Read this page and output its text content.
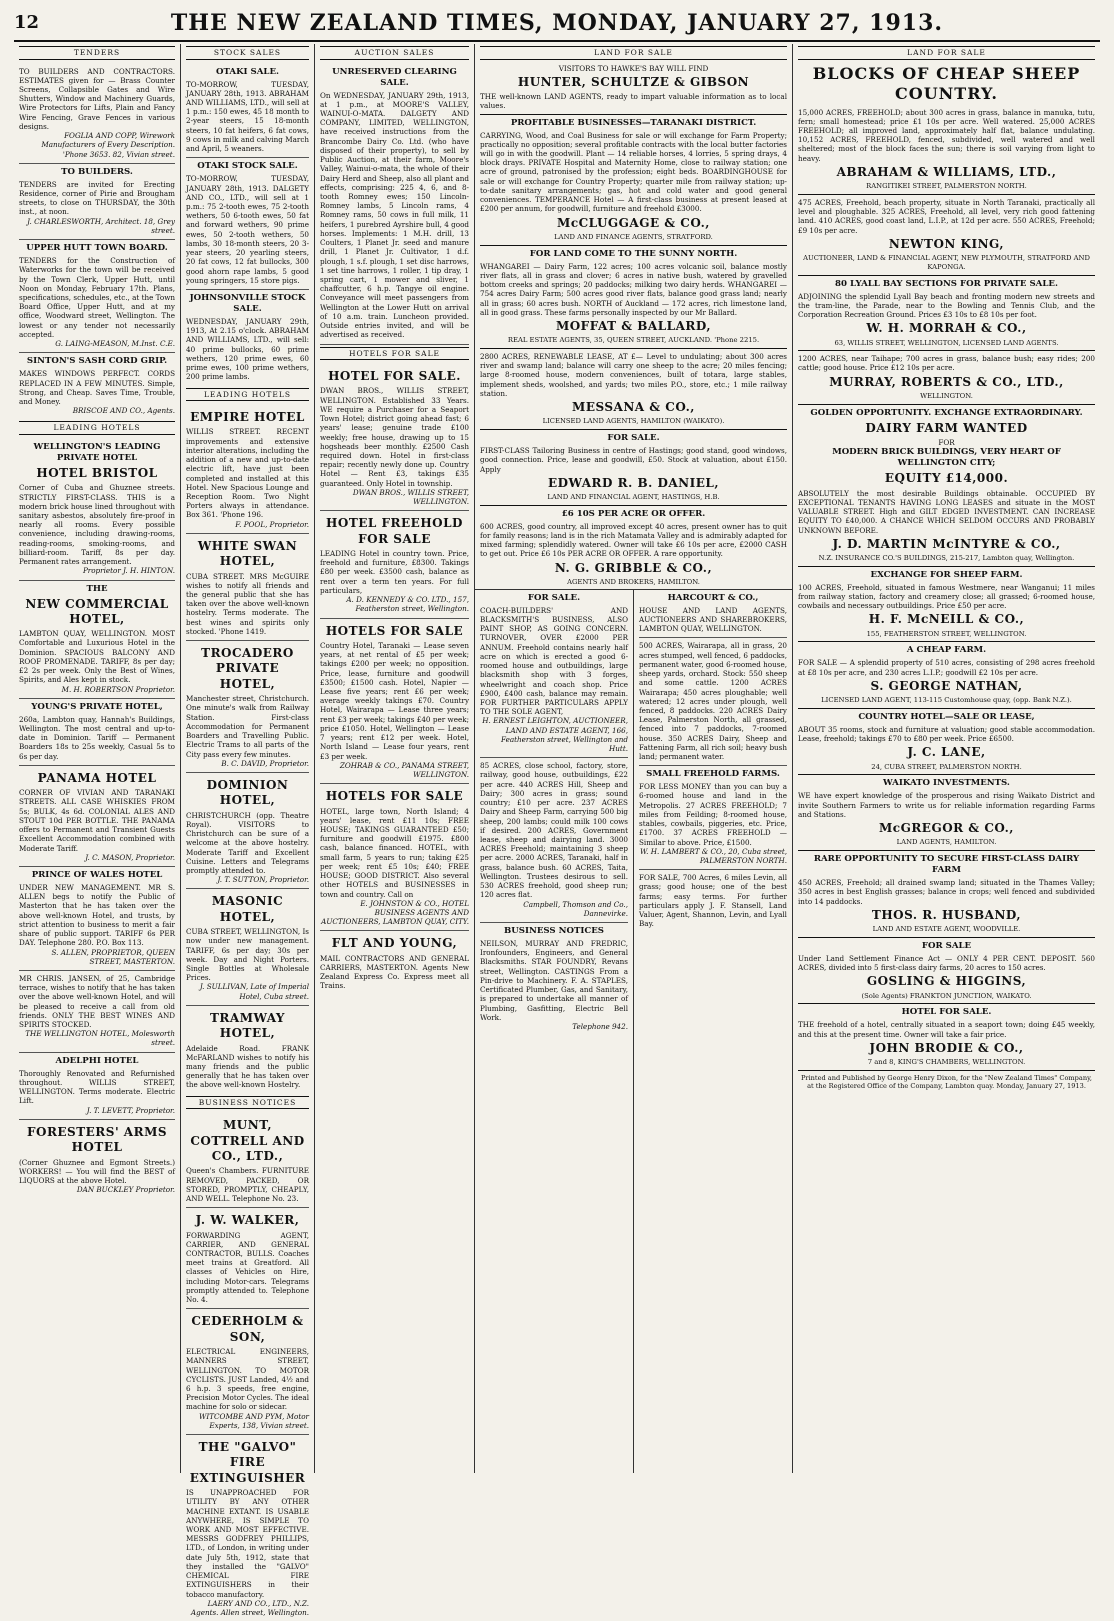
12	THE NEW ZEALAND TIMES, MONDAY, JANUARY 27, 1913.
TENDERS
TO BUILDERS AND CONTRACTORS. ESTIMATES given for — Brass Counter Screens, Collapsible Gates and Wire Shutters, Window and Machinery Guards, Wire Protectors for Lifts, Plain and Fancy Wire Fencing, Grave Fences in various designs.
FOGLIA AND COPP, Wirework Manufacturers of Every Description. 'Phone 3653. 82, Vivian street.
TO BUILDERS.
TENDERS are invited for Erecting Residence, corner of Pirie and Brougham streets, to close on THURSDAY, the 30th inst., at noon.
J. CHARLESWORTH, Architect. 18, Grey street.
UPPER HUTT TOWN BOARD.
TENDERS for the Construction of Waterworks for the town will be received by the Town Clerk, Upper Hutt, until Noon on Monday, February 17th. Plans, specifications, schedules, etc., at the Town Board Office, Upper Hutt, and at my office, Woodward street, Wellington. The lowest or any tender not necessarily accepted.
G. LAING-MEASON, M.Inst. C.E.
SINTON'S SASH CORD GRIP.
MAKES WINDOWS PERFECT. CORDS REPLACED IN A FEW MINUTES. Simple, Strong, and Cheap. Saves Time, Trouble, and Money.
BRISCOE AND CO., Agents.
LEADING HOTELS
WELLINGTON'S LEADING PRIVATE HOTEL
HOTEL BRISTOL
Corner of Cuba and Ghuznee streets. STRICTLY FIRST-CLASS. THIS is a modern brick house lined throughout with sanitary asbestos, absolutely fire-proof in nearly all rooms. Every possible convenience, including drawing-rooms, reading-rooms, smoking-rooms, and billiard-room. Tariff, 8s per day. Permanent rates arrangement.
Proprietor J. H. HINTON.
THE
NEW COMMERCIAL HOTEL,
LAMBTON QUAY, WELLINGTON. MOST Comfortable and Luxurious Hotel in the Dominion. SPACIOUS BALCONY AND ROOF PROMENADE. TARIFF, 8s per day; £2 2s per week. Only the Best of Wines, Spirits, and Ales kept in stock.
M. H. ROBERTSON Proprietor.
YOUNG'S PRIVATE HOTEL,
260a, Lambton quay, Hannah's Buildings, Wellington. The most central and up-to-date in Dominion. Tariff — Permanent Boarders 18s to 25s weekly, Casual 5s to 6s per day.
PANAMA HOTEL
CORNER OF VIVIAN AND TARANAKI STREETS. ALL CASE WHISKIES FROM 5s; BULK, 4s 6d. COLONIAL ALES AND STOUT 10d PER BOTTLE. THE PANAMA offers to Permanent and Transient Guests Excellent Accommodation combined with Moderate Tariff.
J. C. MASON, Proprietor.
PRINCE OF WALES HOTEL
UNDER NEW MANAGEMENT. MR S. ALLEN begs to notify the Public of Masterton that he has taken over the above well-known Hotel, and trusts, by strict attention to business to merit a fair share of public support. TARIFF 6s PER DAY. Telephone 280. P.O. Box 113.
S. ALLEN, PROPRIETOR, QUEEN STREET, MASTERTON.
MR CHRIS. JANSEN, of 25, Cambridge terrace, wishes to notify that he has taken over the above well-known Hotel, and will be pleased to receive a call from old friends. ONLY THE BEST WINES AND SPIRITS STOCKED.
THE WELLINGTON HOTEL, Molesworth street.
ADELPHI HOTEL
Thoroughly Renovated and Refurnished throughout. WILLIS STREET, WELLINGTON. Terms moderate. Electric Lift.
J. T. LEVETT, Proprietor.
FORESTERS' ARMS HOTEL
(Corner Ghuznee and Egmont Streets.) WORKERS! — You will find the BEST of LIQUORS at the above Hotel.
DAN BUCKLEY Proprietor.
STOCK SALES
OTAKI SALE.
TO-MORROW, TUESDAY, JANUARY 28th, 1913. ABRAHAM AND WILLIAMS, LTD., will sell at 1 p.m.: 150 ewes, 45 18 month to 2-year steers, 15 18-month steers, 10 fat heifers, 6 fat cows, 9 cows in milk and calving March and April, 5 weaners.
OTAKI STOCK SALE.
TO-MORROW, TUESDAY, JANUARY 28th, 1913. DALGETY AND CO., LTD., will sell at 1 p.m.: 75 2-tooth ewes, 75 2-tooth wethers, 50 6-tooth ewes, 50 fat and forward wethers, 90 prime ewes, 50 2-tooth wethers, 50 lambs, 30 18-month steers, 20 3-year steers, 20 yearling steers, 20 fat cows, 12 fat bullocks, 300 good ahorn rape lambs, 5 good young springers, 15 store pigs.
JOHNSONVILLE STOCK SALE.
WEDNESDAY, JANUARY 29th, 1913, At 2.15 o'clock. ABRAHAM AND WILLIAMS, LTD., will sell: 40 prime bullocks, 60 prime wethers, 120 prime ewes, 60 prime ewes, 100 prime wethers, 200 prime lambs.
LEADING HOTELS
EMPIRE HOTEL
WILLIS STREET. RECENT improvements and extensive interior alterations, including the addition of a new and up-to-date electric lift, have just been completed and installed at this Hotel. New Spacious Lounge and Reception Room. Two Night Porters always in attendance. Box 361. 'Phone 196.
F. POOL, Proprietor.
WHITE SWAN HOTEL,
CUBA STREET. MRS McGUIRE wishes to notify all friends and the general public that she has taken over the above well-known hostelry. Terms moderate. The best wines and spirits only stocked. 'Phone 1419.
TROCADERO PRIVATE HOTEL,
Manchester street, Christchurch. One minute's walk from Railway Station. First-class Accommodation for Permanent Boarders and Travelling Public. Electric Trams to all parts of the City pass every few minutes.
B. C. DAVID, Proprietor.
DOMINION HOTEL,
CHRISTCHURCH (opp. Theatre Royal). VISITORS to Christchurch can be sure of a welcome at the above hostelry. Moderate Tariff and Excellent Cuisine. Letters and Telegrams promptly attended to.
J. T. SUTTON, Proprietor.
MASONIC HOTEL,
CUBA STREET, WELLINGTON, Is now under new management. TARIFF, 6s per day; 30s per week. Day and Night Porters. Single Bottles at Wholesale Prices.
J. SULLIVAN, Late of Imperial Hotel, Cuba street.
TRAMWAY HOTEL,
Adelaide Road. FRANK McFARLAND wishes to notify his many friends and the public generally that he has taken over the above well-known Hostelry.
BUSINESS NOTICES
MUNT, COTTRELL AND CO., LTD.,
Queen's Chambers. FURNITURE REMOVED, PACKED, OR STORED, PROMPTLY, CHEAPLY, AND WELL. Telephone No. 23.
J. W. WALKER,
FORWARDING AGENT, CARRIER, AND GENERAL CONTRACTOR, BULLS. Coaches meet trains at Greatford. All classes of Vehicles on Hire, including Motor-cars. Telegrams promptly attended to. Telephone No. 4.
CEDERHOLM & SON,
ELECTRICAL ENGINEERS, MANNERS STREET, WELLINGTON. TO MOTOR CYCLISTS. JUST Landed, 4½ and 6 h.p. 3 speeds, free engine, Precision Motor Cycles. The ideal machine for solo or sidecar.
WITCOMBE AND PYM, Motor Experts, 138, Vivian street.
THE "GALVO" FIRE EXTINGUISHER
IS UNAPPROACHED FOR UTILITY BY ANY OTHER MACHINE EXTANT. IS USABLE ANYWHERE, IS SIMPLE TO WORK AND MOST EFFECTIVE. MESSRS GODFREY PHILLIPS, LTD., of London, in writing under date July 5th, 1912, state that they installed the "GALVO" CHEMICAL FIRE EXTINGUISHERS in their tobacco manufactory.
LAERY AND CO., LTD., N.Z. Agents. Allen street, Wellington.
AUCTION SALES
UNRESERVED CLEARING SALE.
On WEDNESDAY, JANUARY 29th, 1913, at 1 p.m., at MOORE'S VALLEY, WAINUI-O-MATA. DALGETY AND COMPANY, LIMITED, WELLINGTON, have received instructions from the Brancombe Dairy Co. Ltd. (who have disposed of their property), to sell by Public Auction, at their farm, Moore's Valley, Wainui-o-mata, the whole of their Dairy Herd and Sheep, also all plant and effects, comprising: 225 4, 6, and 8-tooth Romney ewes; 150 Lincoln-Romney lambs, 5 Lincoln rams, 4 Romney rams, 50 cows in full milk, 11 heifers, 1 purebred Ayrshire bull, 4 good horses. Implements: 1 M.H. drill, 13 Coulters, 1 Planet Jr. seed and manure drill, 1 Planet Jr. Cultivator, 1 d.f. plough, 1 s.f. plough, 1 set disc harrows, 1 set tine harrows, 1 roller, 1 tip dray, 1 spring cart, 1 mower and sliver, 1 chaffcutter, 6 h.p. Tangye oil engine. Conveyance will meet passengers from Wellington at the Lower Hutt on arrival of 10 a.m. train. Luncheon provided. Outside entries invited, and will be advertised as received.
HOTELS FOR SALE
HOTEL FOR SALE.
DWAN BROS., WILLIS STREET, WELLINGTON. Established 33 Years. WE require a Purchaser for a Seaport Town Hotel; district going ahead fast; 6 years' lease; genuine trade £100 weekly; free house, drawing up to 15 hogsheads beer monthly. £2500 Cash required down. Hotel in first-class repair; recently newly done up. Country Hotel — Rent £3, takings £35 guaranteed. Only Hotel in township.
DWAN BROS., WILLIS STREET, WELLINGTON.
HOTEL FREEHOLD FOR SALE
LEADING Hotel in country town. Price, freehold and furniture, £8300. Takings £80 per week. £3500 cash, balance as rent over a term ten years. For full particulars,
A. D. KENNEDY & CO. LTD., 157, Featherston street, Wellington.
HOTELS FOR SALE
Country Hotel, Taranaki — Lease seven years, at net rental of £5 per week; takings £200 per week; no opposition. Price, lease, furniture and goodwill £3500; £1500 cash. Hotel, Napier — Lease five years; rent £6 per week; average weekly takings £70. Country Hotel, Wairarapa — Lease three years; rent £3 per week; takings £40 per week; price £1050. Hotel, Wellington — Lease 7 years; rent £12 per week. Hotel, North Island — Lease four years, rent £3 per week.
ZOHRAB & CO., PANAMA STREET, WELLINGTON.
HOTELS FOR SALE
HOTEL, large town, North Island; 4 years' lease, rent £11 10s; FREE HOUSE; TAKINGS GUARANTEED £50; furniture and goodwill £1975. £800 cash, balance financed. HOTEL, with small farm, 5 years to run; taking £25 per week; rent £5 10s; £40; FREE HOUSE; GOOD DISTRICT. Also several other HOTELS and BUSINESSES in town and country. Call on
E. JOHNSTON & CO., HOTEL BUSINESS AGENTS AND AUCTIONEERS, LAMBTON QUAY, CITY.
FLT AND YOUNG,
MAIL CONTRACTORS AND GENERAL CARRIERS, MASTERTON. Agents New Zealand Express Co. Express meet all Trains.
LAND FOR SALE
VISITORS TO HAWKE'S BAY WILL FIND
HUNTER, SCHULTZE & GIBSON
THE well-known LAND AGENTS, ready to impart valuable information as to local values.
PROFITABLE BUSINESSES—TARANAKI DISTRICT.
CARRYING, Wood, and Coal Business for sale or will exchange for Farm Property; practically no opposition; several profitable contracts with the local butter factories will go in with the goodwill. Plant — 14 reliable horses, 4 lorries, 5 spring drays, 4 block drays. PRIVATE Hospital and Maternity Home, close to railway station; one acre of ground, patronised by the profession; eight beds. BOARDINGHOUSE for sale or will exchange for Country Property; quarter mile from railway station; up-to-date sanitary arrangements; gas, hot and cold water and good general conveniences. TEMPERANCE Hotel — A first-class business at present leased at £200 per annum, for goodwill, furniture and freehold £3000.
McCLUGGAGE & CO.,
LAND AND FINANCE AGENTS, STRATFORD.
FOR LAND COME TO THE SUNNY NORTH.
WHANGAREI — Dairy Farm, 122 acres; 100 acres volcanic soil, balance mostly river flats, all in grass and clover; 6 acres in native bush, watered by gravelled bottom creeks and springs; 20 paddocks; milking two dairy herds. WHANGAREI — 754 acres Dairy Farm; 500 acres good river flats, balance good grass land; nearly all in grass; 60 acres bush. NORTH of Auckland — 172 acres, rich limestone land, all in good grass. These farms personally inspected by our Mr Ballard.
MOFFAT & BALLARD,
REAL ESTATE AGENTS, 35, QUEEN STREET, AUCKLAND. 'Phone 2215.
2800 ACRES, RENEWABLE LEASE, AT £— Level to undulating; about 300 acres river and swamp land; balance will carry one sheep to the acre; 20 miles fencing; large 8-roomed house, modern conveniences, built of totara, large stables, implement sheds, woolshed, and yards; two miles P.O., store, etc.; 1 mile railway station.
MESSANA & CO.,
LICENSED LAND AGENTS, HAMILTON (WAIKATO).
FOR SALE.
FIRST-CLASS Tailoring Business in centre of Hastings; good stand, good windows, good connection. Price, lease and goodwill, £50. Stock at valuation, about £150. Apply
EDWARD R. B. DANIEL,
LAND AND FINANCIAL AGENT, HASTINGS, H.B.
£6 10S PER ACRE OR OFFER.
600 ACRES, good country, all improved except 40 acres, present owner has to quit for family reasons; land is in the rich Matamata Valley and is admirably adapted for mixed farming; splendidly watered. Owner will take £6 10s per acre, £2000 CASH to get out. Price £6 10s PER ACRE OR OFFER. A rare opportunity.
N. G. GRIBBLE & CO.,
AGENTS AND BROKERS, HAMILTON.
FOR SALE.
COACH-BUILDERS' AND BLACKSMITH'S BUSINESS, ALSO PAINT SHOP, AS GOING CONCERN. TURNOVER, OVER £2000 PER ANNUM. Freehold contains nearly half acre on which is erected a good 6-roomed house and outbuildings, large blacksmith shop with 3 forges, wheelwright and coach shop. Price £900, £400 cash, balance may remain. FOR FURTHER PARTICULARS APPLY TO THE SOLE AGENT,
H. ERNEST LEIGHTON, AUCTIONEER, LAND AND ESTATE AGENT, 166, Featherston street, Wellington and Hutt.
85 ACRES, close school, factory, store, railway, good house, outbuildings, £22 per acre. 440 ACRES Hill, Sheep and Dairy; 300 acres in grass; sound country; £10 per acre. 237 ACRES Dairy and Sheep Farm, carrying 500 big sheep, 200 lambs; could milk 100 cows if desired. 200 ACRES, Government lease, sheep and dairying land. 3000 ACRES Freehold; maintaining 3 sheep per acre. 2000 ACRES, Taranaki, half in grass, balance bush. 60 ACRES, Taita, Wellington. Trustees desirous to sell. 530 ACRES freehold, good sheep run; 120 acres flat.
Campbell, Thomson and Co., Dannevirke.
BUSINESS NOTICES
NEILSON, MURRAY AND FREDRIC, Ironfounders, Engineers, and General Blacksmiths. STAR FOUNDRY, Revans street, Wellington. CASTINGS From a Pin-drive to Machinery. F. A. STAPLES, Certificated Plumber, Gas, and Sanitary, is prepared to undertake all manner of Plumbing, Gasfitting, Electric Bell Work.
Telephone 942.
HARCOURT & CO.,
HOUSE AND LAND AGENTS, AUCTIONEERS AND SHAREBROKERS, LAMBTON QUAY, WELLINGTON.
500 ACRES, Wairarapa, all in grass, 20 acres stumped, well fenced, 6 paddocks, permanent water, good 6-roomed house, sheep yards, orchard. Stock: 550 sheep and some cattle. 1200 ACRES Wairarapa; 450 acres ploughable; well watered; 12 acres under plough, well fenced, 8 paddocks. 220 ACRES Dairy Lease, Palmerston North, all grassed, fenced into 7 paddocks, 7-roomed house. 350 ACRES Dairy, Sheep and Fattening Farm, all rich soil; heavy bush land; permanent water.
SMALL FREEHOLD FARMS.
FOR LESS MONEY than you can buy a 6-roomed house and land in the Metropolis. 27 ACRES FREEHOLD; 7 miles from Feilding; 8-roomed house, stables, cowbails, piggeries, etc. Price, £1700. 37 ACRES FREEHOLD — Similar to above. Price, £1500.
W. H. LAMBERT & CO., 20, Cuba street, PALMERSTON NORTH.
FOR SALE, 700 Acres, 6 miles Levin, all grass; good house; one of the best farms; easy terms. For further particulars apply J. F. Stansell, Land Valuer, Agent, Shannon, Levin, and Lyall Bay.
LAND FOR SALE
BLOCKS OF CHEAP SHEEP COUNTRY.
15,000 ACRES, FREEHOLD; about 300 acres in grass, balance in manuka, tutu, fern; small homestead; price £1 10s per acre. Well watered. 25,000 ACRES FREEHOLD; all improved land, approximately half flat, balance undulating. 10,152 ACRES, FREEHOLD, fenced, subdivided, well watered and well sheltered; most of the block faces the sun; there is soil varying from light to heavy.
ABRAHAM & WILLIAMS, LTD.,
RANGITIKEI STREET, PALMERSTON NORTH.
475 ACRES, Freehold, beach property, situate in North Taranaki, practically all level and ploughable. 325 ACRES, Freehold, all level, very rich good fattening land. 410 ACRES, good coast land, L.I.P., at 12d per acre. 550 ACRES, Freehold; £9 10s per acre.
NEWTON KING,
AUCTIONEER, LAND & FINANCIAL AGENT, NEW PLYMOUTH, STRATFORD AND KAPONGA.
80 LYALL BAY SECTIONS FOR PRIVATE SALE.
ADJOINING the splendid Lyall Bay beach and fronting modern new streets and the tram-line, the Parade, near to the Bowling and Tennis Club, and the Corporation Recreation Ground. Prices £3 10s to £8 10s per foot.
W. H. MORRAH & CO.,
63, WILLIS STREET, WELLINGTON, LICENSED LAND AGENTS.
1200 ACRES, near Taihape; 700 acres in grass, balance bush; easy rides; 200 cattle; good house. Price £12 10s per acre.
MURRAY, ROBERTS & CO., LTD.,
WELLINGTON.
GOLDEN OPPORTUNITY. EXCHANGE EXTRAORDINARY.
DAIRY FARM WANTED
FOR
MODERN BRICK BUILDINGS, VERY HEART OF WELLINGTON CITY;
EQUITY £14,000.
ABSOLUTELY the most desirable Buildings obtainable. OCCUPIED BY EXCEPTIONAL TENANTS HAVING LONG LEASES and situate in the MOST VALUABLE STREET. High and GILT EDGED INVESTMENT. CAN INCREASE EQUITY TO £40,000. A CHANCE WHICH SELDOM OCCURS AND PROBABLY UNKNOWN BEFORE.
J. D. MARTIN McINTYRE & CO.,
N.Z. INSURANCE CO.'S BUILDINGS, 215-217, Lambton quay, Wellington.
EXCHANGE FOR SHEEP FARM.
100 ACRES, Freehold, situated in famous Westmere, near Wanganui; 11 miles from railway station, factory and creamery close; all grassed; 6-roomed house, cowbails and necessary outbuildings. Price £50 per acre.
H. F. McNEILL & CO.,
155, FEATHERSTON STREET, WELLINGTON.
A CHEAP FARM.
FOR SALE — A splendid property of 510 acres, consisting of 298 acres freehold at £8 10s per acre, and 230 acres L.I.P.; goodwill £2 10s per acre.
S. GEORGE NATHAN,
LICENSED LAND AGENT, 113-115 Customhouse quay, (opp. Bank N.Z.).
COUNTRY HOTEL—SALE OR LEASE,
ABOUT 35 rooms, stock and furniture at valuation; good stable accommodation. Lease, freehold; takings £70 to £80 per week. Price £6500.
J. C. LANE,
24, CUBA STREET, PALMERSTON NORTH.
WAIKATO INVESTMENTS.
WE have expert knowledge of the prosperous and rising Waikato District and invite Southern Farmers to write us for reliable information regarding Farms and Stations.
McGREGOR & CO.,
LAND AGENTS, HAMILTON.
RARE OPPORTUNITY TO SECURE FIRST-CLASS DAIRY FARM
450 ACRES, Freehold; all drained swamp land; situated in the Thames Valley; 350 acres in best English grasses; balance in crops; well fenced and subdivided into 14 paddocks.
THOS. R. HUSBAND,
LAND AND ESTATE AGENT, WOODVILLE.
FOR SALE
Under Land Settlement Finance Act — ONLY 4 PER CENT. DEPOSIT. 560 ACRES, divided into 5 first-class dairy farms, 20 acres to 150 acres.
GOSLING & HIGGINS,
(Sole Agents) FRANKTON JUNCTION, WAIKATO.
HOTEL FOR SALE.
THE freehold of a hotel, centrally situated in a seaport town; doing £45 weekly, and this at the present time. Owner will take a fair price.
JOHN BRODIE & CO.,
7 and 8, KING'S CHAMBERS, WELLINGTON.
Printed and Published by George Henry Dixon, for the "New Zealand Times" Company, at the Registered Office of the Company, Lambton quay. Monday, January 27, 1913.
